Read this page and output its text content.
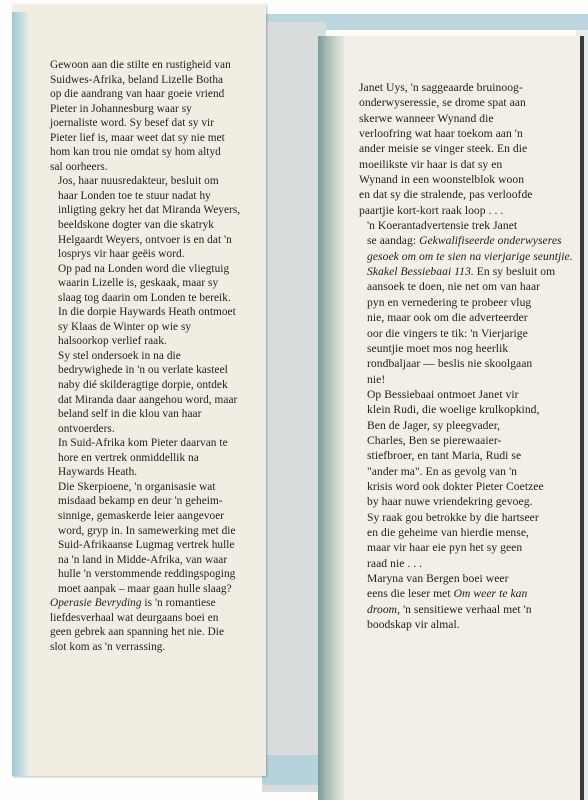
Gewoon aan die stilte en rustigheid van
Suidwes-Afrika, beland Lizelle Botha
op die aandrang van haar goeie vriend
Pieter in Johannesburg waar sy
joernaliste word. Sy besef dat sy vir
Pieter lief is, maar weet dat sy nie met
hom kan trou nie omdat sy hom altyd
sal oorheers.

Jos, haar nuusredakteur, besluit om
haar Londen toe te stuur nadat hy
inligting gekry het dat Miranda Weyers,
beeldskone dogter van die skatryk
Helgaardt Weyers, ontvoer is en dat 'n
losprys vir haar geëis word.

Op pad na Londen word die vliegtuig
waarin Lizelle is, geskaak, maar sy
slaag tog daarin om Londen te bereik.
In die dorpie Haywards Heath ontmoet
sy Klaas de Winter op wie sy
halsoorkop verlief raak.

Sy stel ondersoek in na die
bedrywighede in 'n ou verlate kasteel
naby dié skilderagtige dorpie, ontdek
dat Miranda daar aangehou word, maar
beland self in die klou van haar
ontvoerders.

In Suid-Afrika kom Pieter daarvan te
hore en vertrek onmiddellik na
Haywards Heath.

Die Skerpioene, 'n organisasie wat
misdaad bekamp en deur 'n geheim-
sinnige, gemaskerde leier aangevoer
word, gryp in. In samewerking met die
Suid-Afrikaanse Lugmag vertrek hulle
na 'n land in Midde-Afrika, van waar
hulle 'n verstommende reddingspoging
moet aanpak – maar gaan hulle slaag?

Operasie Bevryding is 'n romantiese
liefdesverhaal wat deurgaans boei en
geen gebrek aan spanning het nie. Die
slot kom as 'n verrassing.

Janet Uys, 'n saggeaarde bruinoog-
onderwyseressie, se drome spat aan
skerwe wanneer Wynand die
verloofring wat haar toekom aan 'n
ander meisie se vinger steek. En die
moeilikste vir haar is dat sy en
Wynand in een woonstelblok woon
en dat sy die stralende, pas verloofde
paartjie kort-kort raak loop . . .

'n Koerantadvertensie trek Janet
se aandag: Gekwalifiseerde onderwyseres
gesoek om om te sien na vierjarige seuntjie.
Skakel Bessiebaai 113. En sy besluit om
aansoek te doen, nie net om van haar
pyn en vernedering te probeer vlug
nie, maar ook om die adverteerder
oor die vingers te tik: 'n Vierjarige
seuntjie moet mos nog heerlik
rondbaljaar — beslis nie skoolgaan
nie!

Op Bessiebaai ontmoet Janet vir
klein Rudi, die woelige krulkopkind,
Ben de Jager, sy pleegvader,
Charles, Ben se pierewaaier-
stiefbroer, en tant Maria, Rudi se
"ander ma". En as gevolg van 'n
krisis word ook dokter Pieter Coetzee
by haar nuwe vriendekring gevoeg.
Sy raak gou betrokke by die hartseer
en die geheime van hierdie mense,
maar vir haar eie pyn het sy geen
raad nie . . .

Maryna van Bergen boei weer
eens die leser met Om weer te kan
droom, 'n sensitiewe verhaal met 'n
boodskap vir almal.
